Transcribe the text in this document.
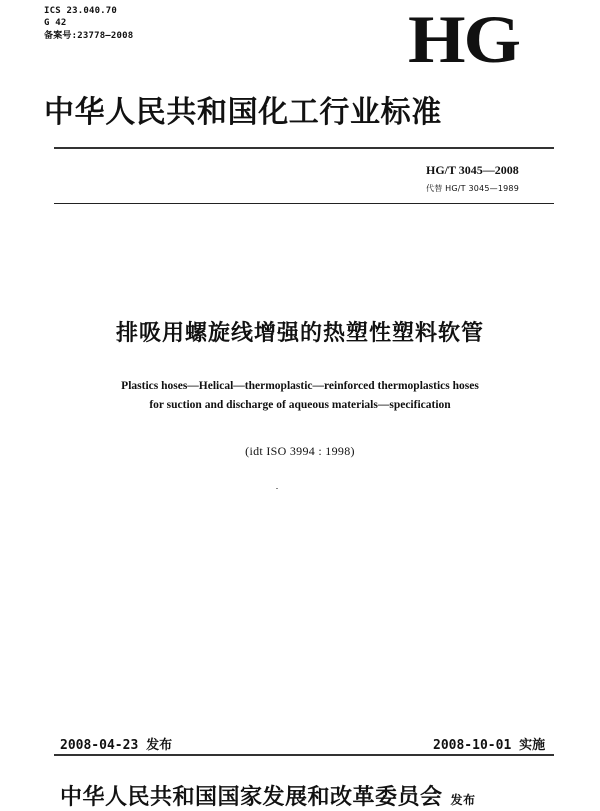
ICS 23.040.70
G 42
备案号:23778—2008	HG
中华人民共和国化工行业标准
HG/T 3045—2008
代替 HG/T 3045—1989
排吸用螺旋线增强的热塑性塑料软管
Plastics hoses—Helical—thermoplastic—reinforced thermoplastics hoses
for suction and discharge of aqueous materials—specification
(idt ISO 3994 : 1998)
2008-04-23 发布	2008-10-01 实施
中华人民共和国国家发展和改革委员会 发布
